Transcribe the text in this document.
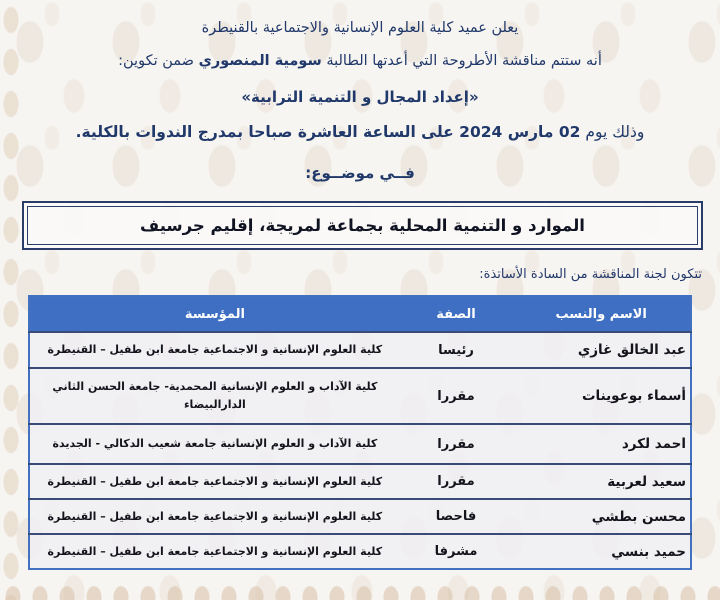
يعلن عميد كلية العلوم الإنسانية والاجتماعية بالقنيطرة

أنه ستتم مناقشة الأطروحة التي أعدتها الطالبة سومية المنصوري ضمن تكوين:

«إعداد المجال و التنمية الترابية»

وذلك يوم 02 مارس 2024 على الساعة العاشرة صباحا بمدرج الندوات بالكلية.

فــي موضــوع:

الموارد و التنمية المحلية بجماعة لمريجة، إقليم جرسيف

تتكون لجنة المناقشة من السادة الأساتذة:

الاسم والنسب	الصفة	المؤسسة
عبد الخالق غازي	رئيسا	كلية العلوم الإنسانية و الاجتماعية جامعة ابن طفيل – القنيطرة
أسماء بوعوينات	مقررا	كلية الآداب و العلوم الإنسانية المحمدية- جامعة الحسن الثاني الدارالبيضاء
احمد لكرد	مقررا	كلية الآداب و العلوم الإنسانية جامعة شعيب الدكالي - الجديدة
سعيد لعربية	مقررا	كلية العلوم الإنسانية و الاجتماعية جامعة ابن طفيل – القنيطرة
محسن بطشي	فاحصا	كلية العلوم الإنسانية و الاجتماعية جامعة ابن طفيل – القنيطرة
حميد بنسي	مشرفا	كلية العلوم الإنسانية و الاجتماعية جامعة ابن طفيل – القنيطرة
